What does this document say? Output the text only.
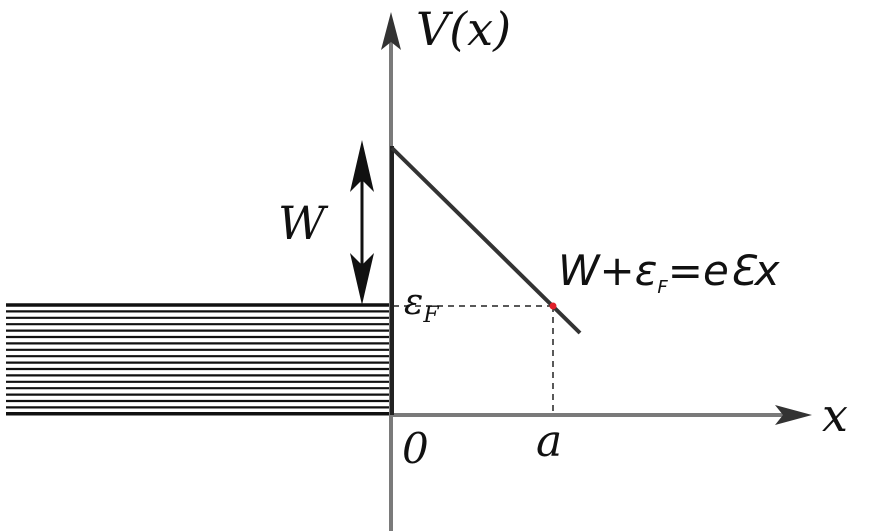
V(x)
x
0 a
W
$\varepsilon_F$
$W+\varepsilon_F=eƐx$
